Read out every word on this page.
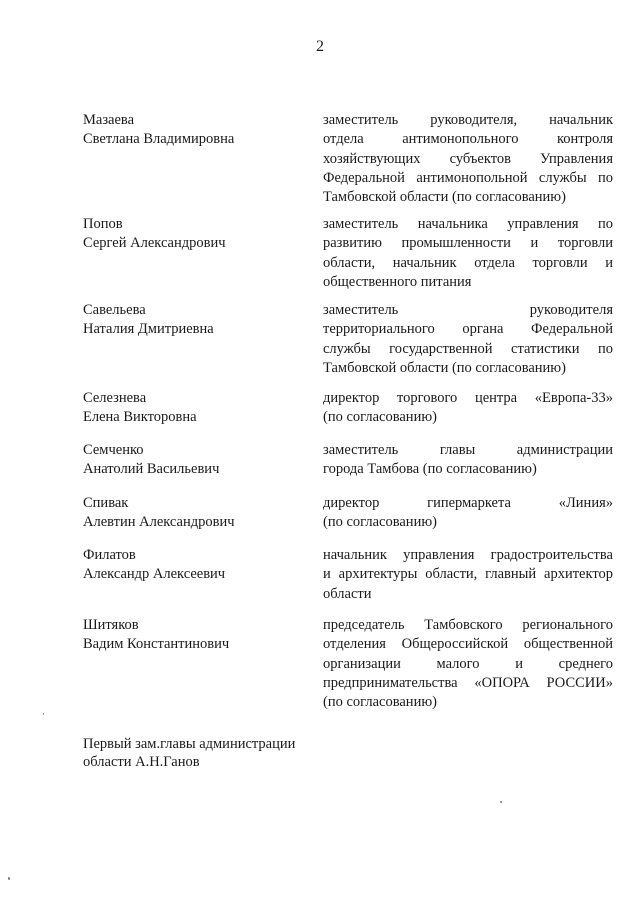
2
Мазаева
Светлана Владимировна
заместитель руководителя, начальник
отдела антимонопольного контроля
хозяйствующих субъектов Управления
Федеральной антимонопольной службы по
Тамбовской области (по согласованию)
Попов
Сергей Александрович
заместитель начальника управления по
развитию промышленности и торговли
области, начальник отдела торговли и
общественного питания
Савельева
Наталия Дмитриевна
заместитель руководителя
территориального органа Федеральной
службы государственной статистики по
Тамбовской области (по согласованию)
Селезнева
Елена Викторовна
директор торгового центра «Европа-33»
(по согласованию)
Семченко
Анатолий Васильевич
заместитель главы администрации
города Тамбова (по согласованию)
Спивак
Алевтин Александрович
директор гипермаркета «Линия»
(по согласованию)
Филатов
Александр Алексеевич
начальник управления градостроительства
и архитектуры области, главный архитектор
области
Шитяков
Вадим Константинович
председатель Тамбовского регионального
отделения Общероссийской общественной
организации малого и среднего
предпринимательства «ОПОРА РОССИИ»
(по согласованию)
Первый зам.главы администрации
области А.Н.Ганов
